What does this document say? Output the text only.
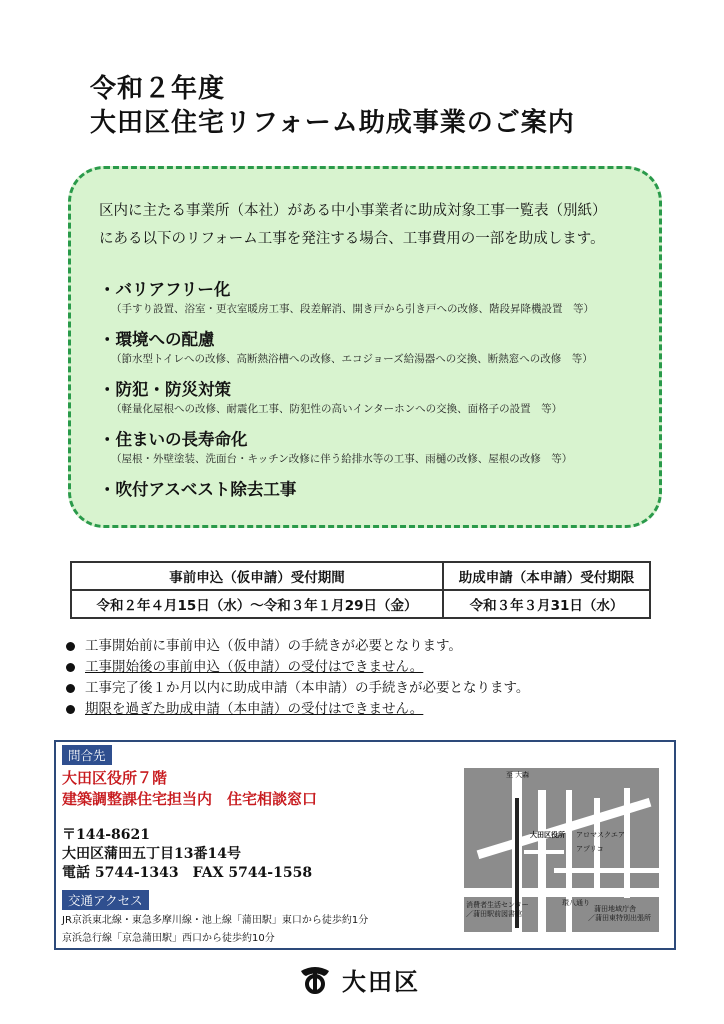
令和２年度
大田区住宅リフォーム助成事業のご案内
区内に主たる事業所（本社）がある中小事業者に助成対象工事一覧表（別紙）
にある以下のリフォーム工事を発注する場合、工事費用の一部を助成します。
・バリアフリー化
（手すり設置、浴室・更衣室暖房工事、段差解消、開き戸から引き戸への改修、階段昇降機設置　等）
・環境への配慮
（節水型トイレへの改修、高断熱浴槽への改修、エコジョーズ給湯器への交換、断熱窓への改修　等）
・防犯・防災対策
（軽量化屋根への改修、耐震化工事、防犯性の高いインターホンへの交換、面格子の設置　等）
・住まいの長寿命化
（屋根・外壁塗装、洗面台・キッチン改修に伴う給排水等の工事、雨樋の改修、屋根の改修　等）
・吹付アスベスト除去工事
事前申込（仮申請）受付期間	助成申請（本申請）受付期限
令和２年４月15日（水）～令和３年１月29日（金）	令和３年３月31日（水）
工事開始前に事前申込（仮申請）の手続きが必要となります。
工事開始後の事前申込（仮申請）の受付はできません。
工事完了後１か月以内に助成申請（本申請）の手続きが必要となります。
期限を過ぎた助成申請（本申請）の受付はできません。
問合先
大田区役所７階
建築調整課住宅担当内　住宅相談窓口
〒144-8621
大田区蒲田五丁目13番14号
電話 5744-1343　FAX 5744-1558
交通アクセス
JR京浜東北線・東急多摩川線・池上線「蒲田駅」東口から徒歩約1分
京浜急行線「京急蒲田駅」西口から徒歩約10分
至 大森
大田区役所 アロマスクエア
アプリコ
消費者生活センター
／蒲田駅前図書館
環八通り
蒲田地域庁舎
／蒲田東特別出張所
大田区
